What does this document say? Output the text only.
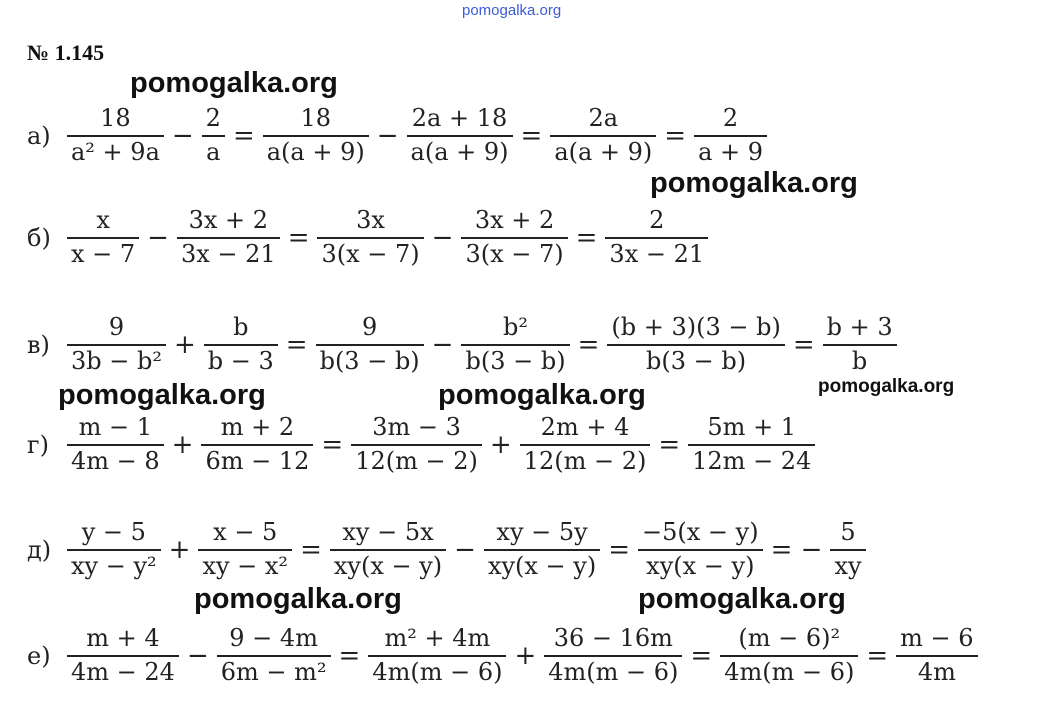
pomogalka.org
№ 1.145
$а) \frac{18}{\text{a² + 9a}} - \frac{2}{a} = \frac{18}{a(a + 9)} - \frac{2a + 18}{a(a + 9)} = \frac{2a}{a(a + 9)} = \frac{2}{a + 9}$
$б) \frac{x}{x - 7} - \frac{3x + 2}{3x - 21} = \frac{3x}{3(x - 7)} - \frac{3x + 2}{3(x - 7)} = \frac{2}{3x - 21}$
$в) \frac{9}{\text{3b − b²}} + \frac{b}{b - 3} = \frac{9}{b(3 - b)} - \frac{\text{b²}}{b(3 - b)} = \frac{(b + 3)(3 - b)}{b(3 - b)} = \frac{b + 3}{b}$
$г) \frac{m - 1}{4m - 8} + \frac{m + 2}{6m - 12} = \frac{3m - 3}{12(m - 2)} + \frac{2m + 4}{12(m - 2)} = \frac{5m + 1}{12m - 24}$
$д) \frac{y - 5}{\text{xy − y²}} + \frac{x - 5}{\text{xy − x²}} = \frac{xy - 5x}{xy(x - y)} - \frac{xy - 5y}{xy(x - y)} = \frac{-5(x - y)}{xy(x - y)}$ = − $\frac{5}{xy}$
$е) \frac{m + 4}{4m - 24} - \frac{9 - 4m}{\text{6m − m²}} = \frac{\text{m² + 4m}}{4m(m - 6)} + \frac{36 - 16m}{4m(m - 6)} = \frac{\text{(m − 6)²}}{4m(m - 6)} = \frac{m - 6}{4m}$
pomogalka.org
pomogalka.org
pomogalka.org	pomogalka.org	pomogalka.org
pomogalka.org	pomogalka.org
